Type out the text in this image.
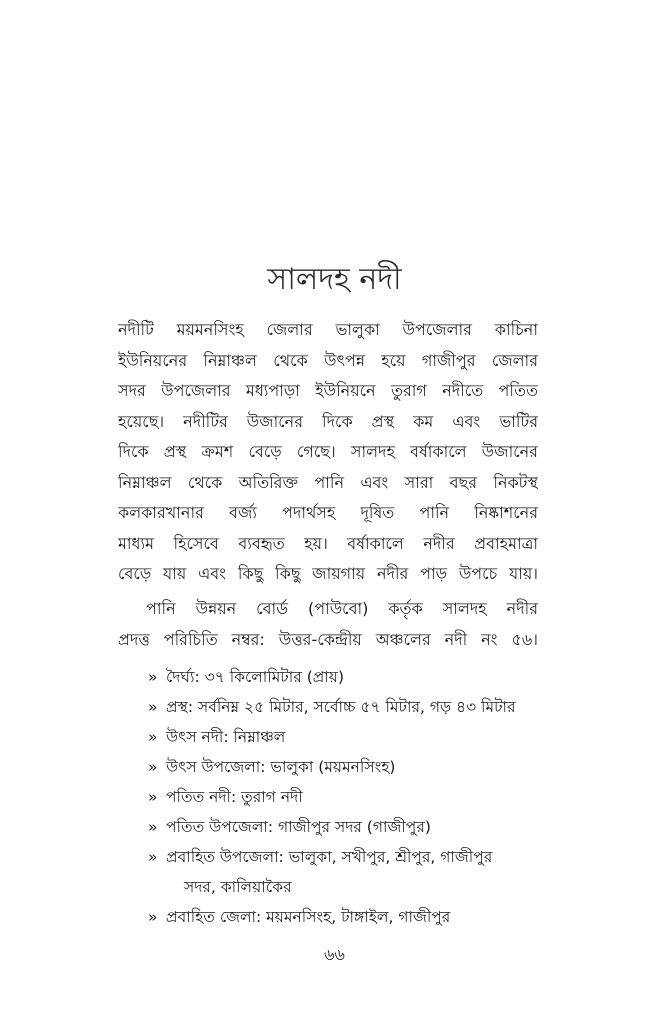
সালদহ নদী
নদীটি ময়মনসিংহ জেলার ভালুকা উপজেলার কাচিনা
ইউনিয়নের নিম্নাঞ্চল থেকে উৎপন্ন হয়ে গাজীপুর জেলার
সদর উপজেলার মধ্যপাড়া ইউনিয়নে তুরাগ নদীতে পতিত
হয়েছে। নদীটির উজানের দিকে প্রস্থ কম এবং ভাটির
দিকে প্রস্থ ক্রমশ বেড়ে গেছে। সালদহ বর্ষাকালে উজানের
নিম্নাঞ্চল থেকে অতিরিক্ত পানি এবং সারা বছর নিকটস্থ
কলকারখানার বর্জ্য পদার্থসহ দূষিত পানি নিষ্কাশনের
মাধ্যম হিসেবে ব্যবহৃত হয়। বর্ষাকালে নদীর প্রবাহমাত্রা
বেড়ে যায় এবং কিছু কিছু জায়গায় নদীর পাড় উপচে যায়।
পানি উন্নয়ন বোর্ড (পাউবো) কর্তৃক সালদহ নদীর
প্রদত্ত পরিচিতি নম্বর: উত্তর-কেন্দ্রীয় অঞ্চলের নদী নং ৫৬।
» দৈর্ঘ্য: ৩৭ কিলোমিটার (প্রায়)
» প্রস্থ: সর্বনিম্ন ২৫ মিটার, সর্বোচ্চ ৫৭ মিটার, গড় ৪৩ মিটার
» উৎস নদী: নিম্নাঞ্চল
» উৎস উপজেলা: ভালুকা (ময়মনসিংহ)
» পতিত নদী: তুরাগ নদী
» পতিত উপজেলা: গাজীপুর সদর (গাজীপুর)
» প্রবাহিত উপজেলা: ভালুকা, সখীপুর, শ্রীপুর, গাজীপুর
সদর, কালিয়াকৈর
» প্রবাহিত জেলা: ময়মনসিংহ, টাঙ্গাইল, গাজীপুর
৬৬
